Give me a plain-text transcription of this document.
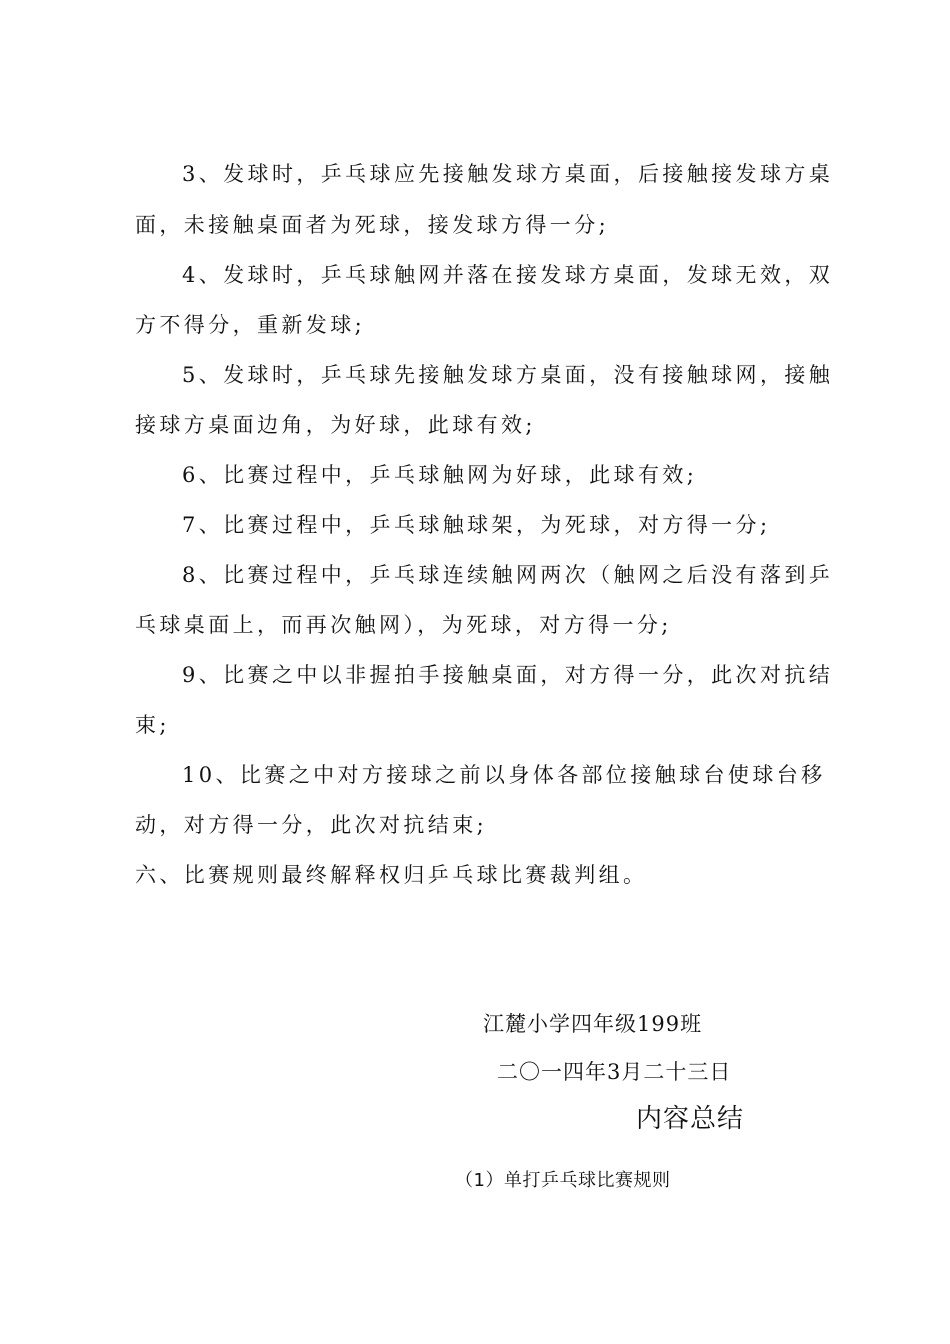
3、发球时，乒乓球应先接触发球方桌面，后接触接发球方桌
面，未接触桌面者为死球，接发球方得一分;
4、发球时，乒乓球触网并落在接发球方桌面，发球无效，双
方不得分，重新发球;
5、发球时，乒乓球先接触发球方桌面，没有接触球网，接触
接球方桌面边角，为好球，此球有效;
6、比赛过程中，乒乓球触网为好球，此球有效;
7、比赛过程中，乒乓球触球架，为死球，对方得一分;
8、比赛过程中，乒乓球连续触网两次（触网之后没有落到乒
乓球桌面上，而再次触网），为死球，对方得一分;
9、比赛之中以非握拍手接触桌面，对方得一分，此次对抗结
束;
10、比赛之中对方接球之前以身体各部位接触球台使球台移
动，对方得一分，此次对抗结束;
六、比赛规则最终解释权归乒乓球比赛裁判组。
江麓小学四年级199班
二〇一四年3月二十三日
内容总结
（1）单打乒乓球比赛规则
